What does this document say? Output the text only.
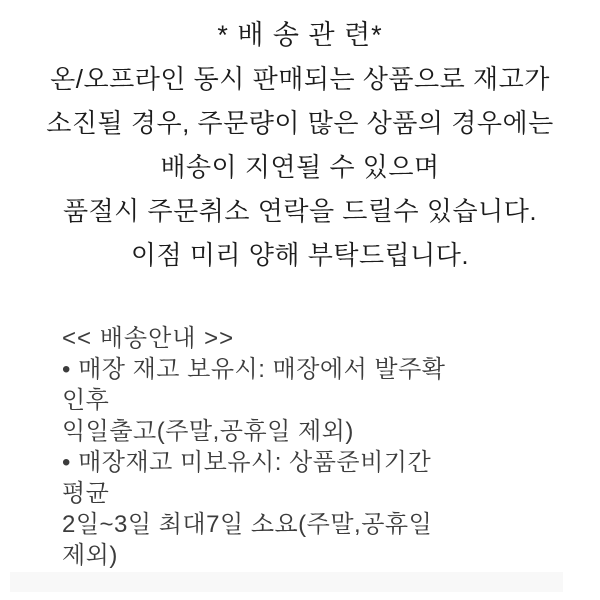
* 배 송 관 련*
온/오프라인 동시 판매되는 상품으로 재고가
소진될 경우, 주문량이 많은 상품의 경우에는
배송이 지연될 수 있으며
품절시 주문취소 연락을 드릴수 있습니다.
이점 미리 양해 부탁드립니다.
<< 배송안내 >>
• 매장 재고 보유시: 매장에서 발주확
인후
익일출고(주말,공휴일 제외)
• 매장재고 미보유시: 상품준비기간
평균
2일~3일 최대7일 소요(주말,공휴일
제외)
